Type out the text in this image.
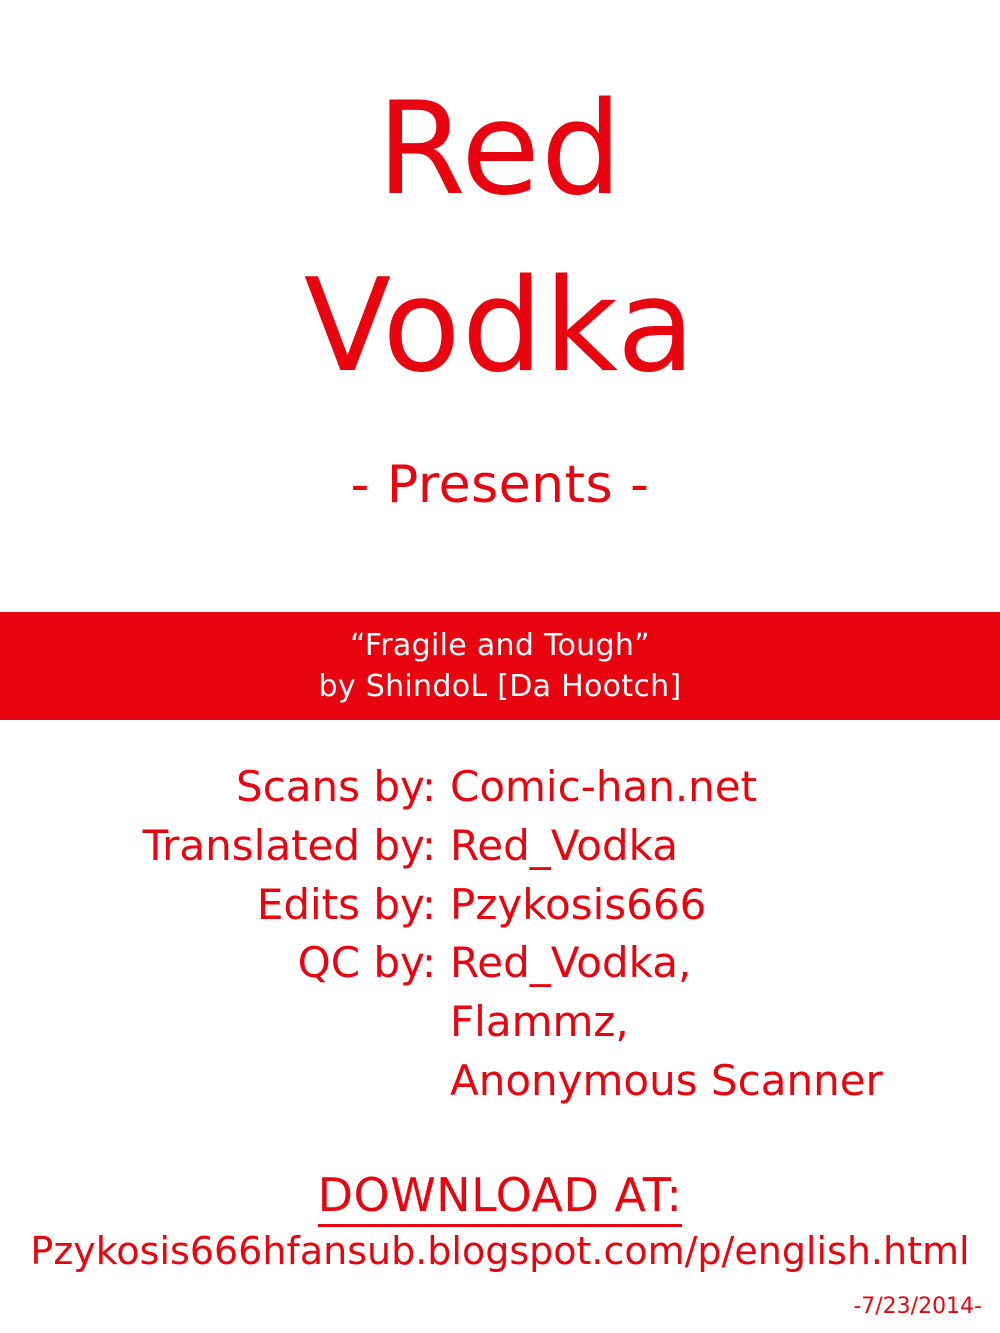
Red
Vodka
- Presents -
“Fragile and Tough”
by ShindoL [Da Hootch]
Scans by: Comic-han.net
Translated by: Red_Vodka
Edits by: Pzykosis666
QC by: Red_Vodka,
Flammz,
Anonymous Scanner
DOWNLOAD AT:
Pzykosis666hfansub.blogspot.com/p/english.html
-7/23/2014-
